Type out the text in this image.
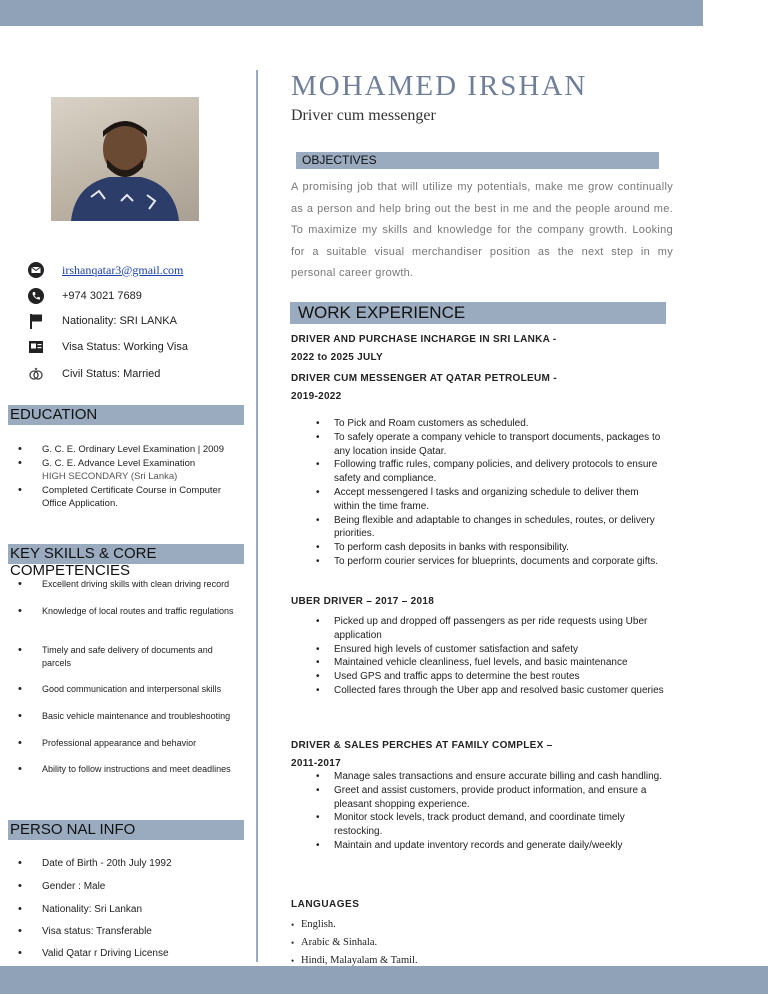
irshanqatar3@gmail.com
+974 3021 7689
Nationality: SRI LANKA
Visa Status: Working Visa
Civil Status: Married
EDUCATION
• G. C. E. Ordinary Level Examination | 2009
• G. C. E. Advance Level Examination
HIGH SECONDARY (Sri Lanka)
• Completed Certificate Course in Computer Office Application.
KEY SKILLS & CORE COMPETENCIES
• Excellent driving skills with clean driving record
• Knowledge of local routes and traffic regulations
• Timely and safe delivery of documents and parcels
• Good communication and interpersonal skills
• Basic vehicle maintenance and troubleshooting
• Professional appearance and behavior
• Ability to follow instructions and meet deadlines
PERSO NAL INFO
• Date of Birth - 20th July 1992
• Gender : Male
• Nationality: Sri Lankan
• Visa status: Transferable
• Valid Qatar r Driving License
MOHAMED IRSHAN
Driver cum messenger
OBJECTIVES
A promising job that will utilize my potentials, make me grow continually as a person and help bring out the best in me and the people around me. To maximize my skills and knowledge for the company growth. Looking for a suitable visual merchandiser position as the next step in my personal career growth.
WORK EXPERIENCE
DRIVER AND PURCHASE INCHARGE IN SRI LANKA -
2022 to 2025 JULY
DRIVER CUM MESSENGER AT QATAR PETROLEUM -
2019-2022
• To Pick and Roam customers as scheduled.
• To safely operate a company vehicle to transport documents, packages to any location inside Qatar.
• Following traffic rules, company policies, and delivery protocols to ensure safety and compliance.
• Accept messengered l tasks and organizing schedule to deliver them within the time frame.
• Being flexible and adaptable to changes in schedules, routes, or delivery priorities.
• To perform cash deposits in banks with responsibility.
• To perform courier services for blueprints, documents and corporate gifts.
UBER DRIVER – 2017 – 2018
• Picked up and dropped off passengers as per ride requests using Uber application
• Ensured high levels of customer satisfaction and safety
• Maintained vehicle cleanliness, fuel levels, and basic maintenance
• Used GPS and traffic apps to determine the best routes
• Collected fares through the Uber app and resolved basic customer queries
DRIVER & SALES PERCHES AT FAMILY COMPLEX –
2011-2017
• Manage sales transactions and ensure accurate billing and cash handling.
• Greet and assist customers, provide product information, and ensure a pleasant shopping experience.
• Monitor stock levels, track product demand, and coordinate timely restocking.
• Maintain and update inventory records and generate daily/weekly
LANGUAGES
• English.
• Arabic & Sinhala.
• Hindi, Malayalam & Tamil.
